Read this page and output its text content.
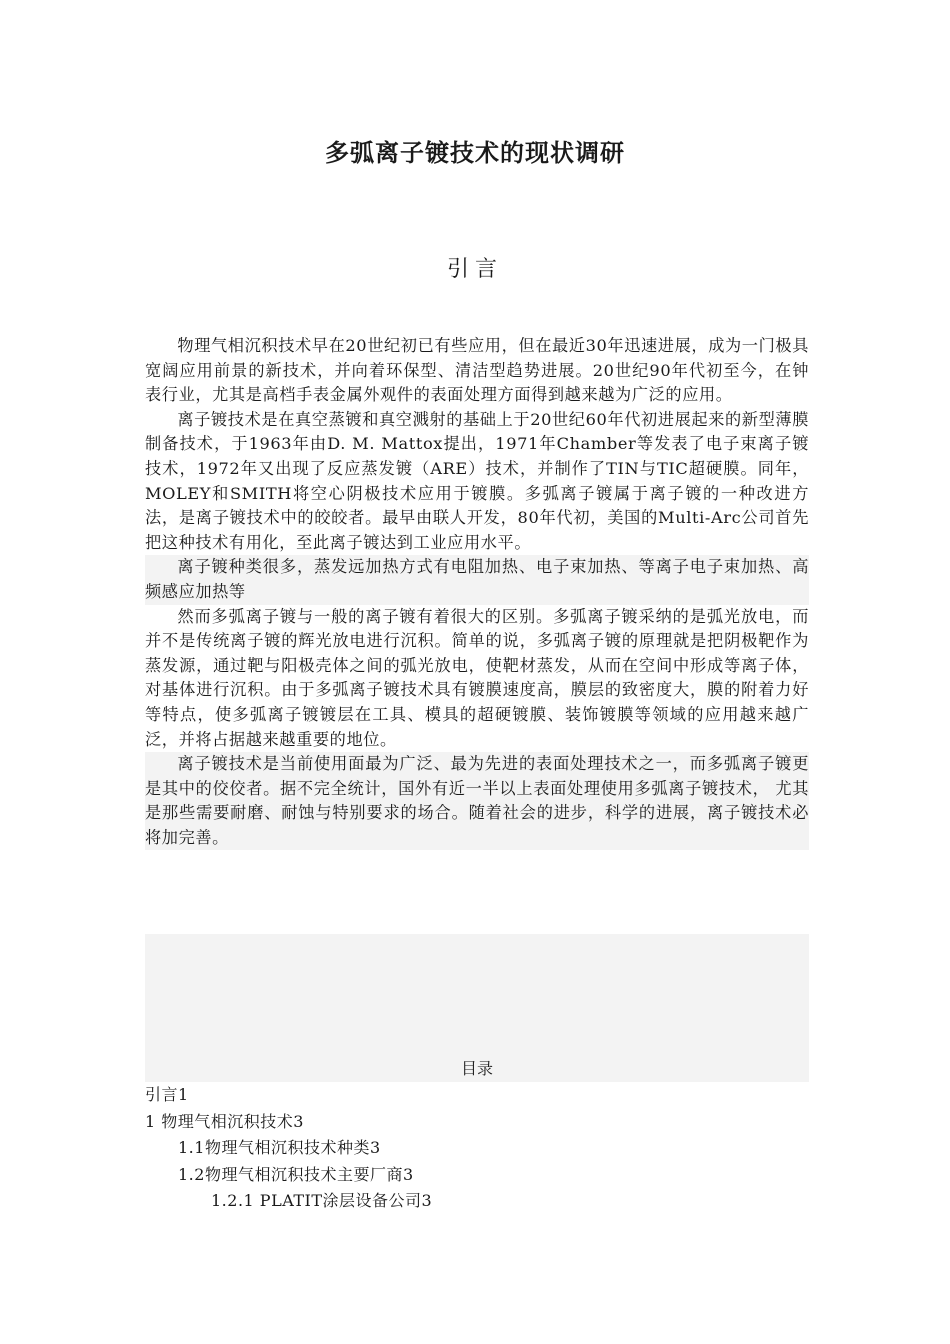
多弧离子镀技术的现状调研
引言

物理气相沉积技术早在20世纪初已有些应用，但在最近30年迅速进展，成为一门极具宽阔应用前景的新技术，并向着环保型、清洁型趋势进展。20世纪90年代初至今，在钟表行业，尤其是高档手表金属外观件的表面处理方面得到越来越为广泛的应用。

离子镀技术是在真空蒸镀和真空溅射的基础上于20世纪60年代初进展起来的新型薄膜制备技术，于1963年由D. M. Mattox提出，1971年Chamber等发表了电子束离子镀技术，1972年又出现了反应蒸发镀（ARE）技术，并制作了TIN与TIC超硬膜。同年，MOLEY和SMITH将空心阴极技术应用于镀膜。多弧离子镀属于离子镀的一种改进方法，是离子镀技术中的皎皎者。最早由联人开发，80年代初，美国的Multi-Arc公司首先把这种技术有用化，至此离子镀达到工业应用水平。

离子镀种类很多，蒸发远加热方式有电阻加热、电子束加热、等离子电子束加热、高频感应加热等

然而多弧离子镀与一般的离子镀有着很大的区别。多弧离子镀采纳的是弧光放电，而并不是传统离子镀的辉光放电进行沉积。简单的说，多弧离子镀的原理就是把阴极靶作为蒸发源，通过靶与阳极壳体之间的弧光放电，使靶材蒸发，从而在空间中形成等离子体，对基体进行沉积。由于多弧离子镀技术具有镀膜速度高，膜层的致密度大，膜的附着力好等特点，使多弧离子镀镀层在工具、模具的超硬镀膜、装饰镀膜等领域的应用越来越广泛，并将占据越来越重要的地位。

离子镀技术是当前使用面最为广泛、最为先进的表面处理技术之一，而多弧离子镀更是其中的佼佼者。据不完全统计，国外有近一半以上表面处理使用多弧离子镀技术， 尤其是那些需要耐磨、耐蚀与特别要求的场合。随着社会的进步，科学的进展，离子镀技术必将加完善。

目录
引言1
1 物理气相沉积技术3
1.1物理气相沉积技术种类3
1.2物理气相沉积技术主要厂商3
1.2.1 PLATIT涂层设备公司3
